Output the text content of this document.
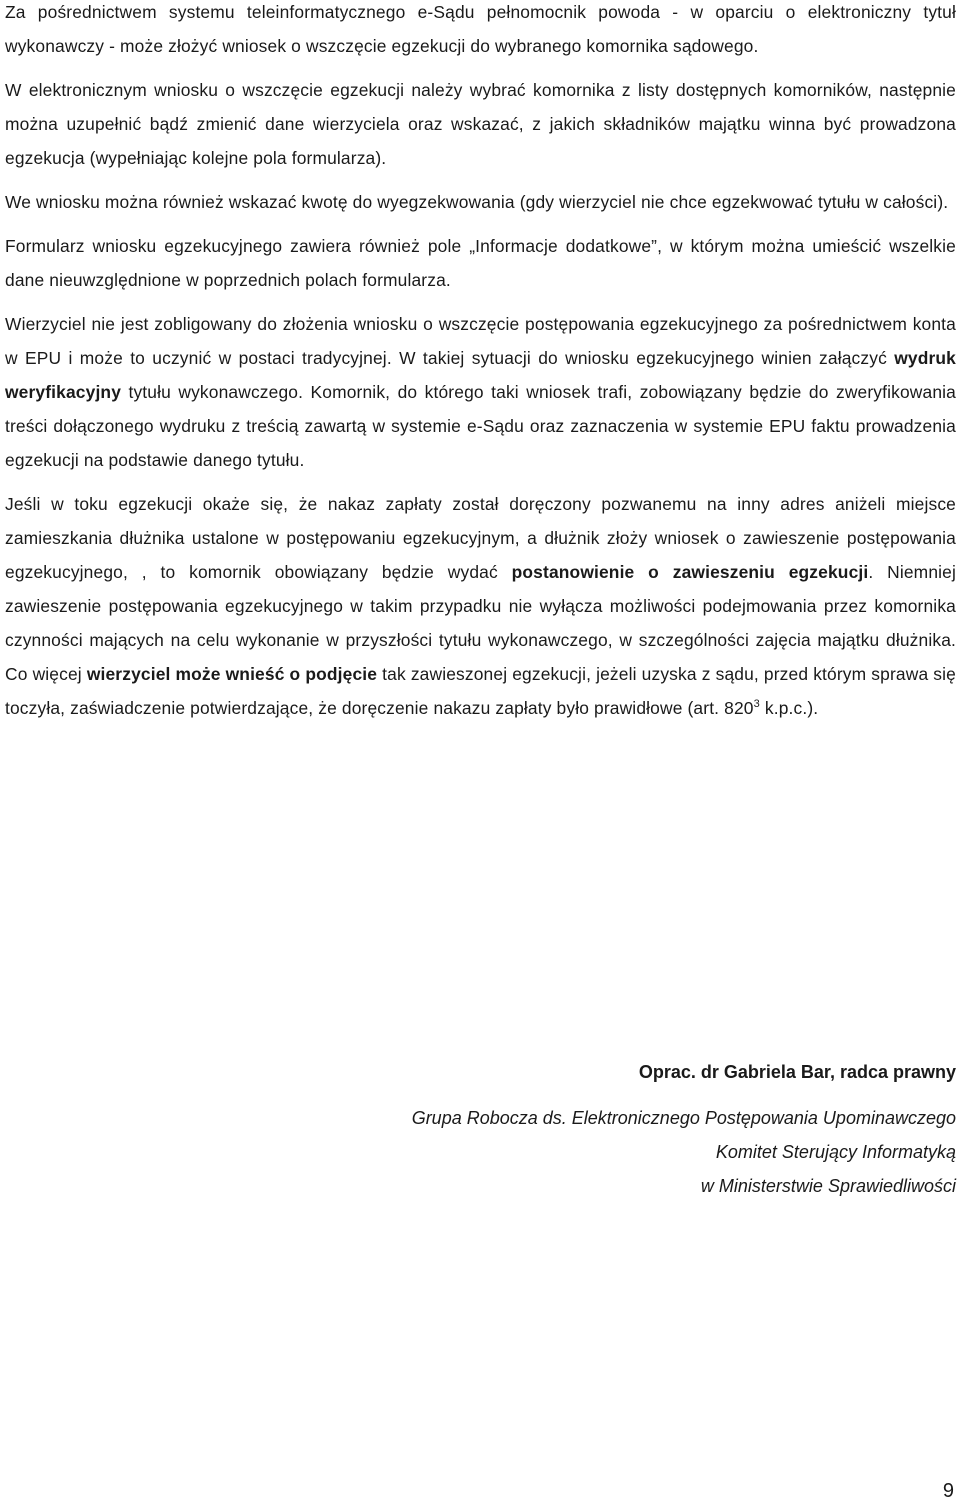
Za pośrednictwem systemu teleinformatycznego e-Sądu pełnomocnik powoda - w oparciu o elektroniczny tytuł wykonawczy - może złożyć wniosek o wszczęcie egzekucji do wybranego komornika sądowego.

W elektronicznym wniosku o wszczęcie egzekucji należy wybrać komornika z listy dostępnych komorników, następnie można uzupełnić bądź zmienić dane wierzyciela oraz wskazać, z jakich składników majątku winna być prowadzona egzekucja (wypełniając kolejne pola formularza).

We wniosku można również wskazać kwotę do wyegzekwowania (gdy wierzyciel nie chce egzekwować tytułu w całości).

Formularz wniosku egzekucyjnego zawiera również pole „Informacje dodatkowe”, w którym można umieścić wszelkie dane nieuwzględnione w poprzednich polach formularza.

Wierzyciel nie jest zobligowany do złożenia wniosku o wszczęcie postępowania egzekucyjnego za pośrednictwem konta w EPU i może to uczynić w postaci tradycyjnej. W takiej sytuacji do wniosku egzekucyjnego winien załączyć wydruk weryfikacyjny tytułu wykonawczego. Komornik, do którego taki wniosek trafi, zobowiązany będzie do zweryfikowania treści dołączonego wydruku z treścią zawartą w systemie e-Sądu oraz zaznaczenia w systemie EPU faktu prowadzenia egzekucji na podstawie danego tytułu.

Jeśli w toku egzekucji okaże się, że nakaz zapłaty został doręczony pozwanemu na inny adres aniżeli miejsce zamieszkania dłużnika ustalone w postępowaniu egzekucyjnym, a dłużnik złoży wniosek o zawieszenie postępowania egzekucyjnego, , to komornik obowiązany będzie wydać postanowienie o zawieszeniu egzekucji. Niemniej zawieszenie postępowania egzekucyjnego w takim przypadku nie wyłącza możliwości podejmowania przez komornika czynności mających na celu wykonanie w przyszłości tytułu wykonawczego, w szczególności zajęcia majątku dłużnika. Co więcej wierzyciel może wnieść o podjęcie tak zawieszonej egzekucji, jeżeli uzyska z sądu, przed którym sprawa się toczyła, zaświadczenie potwierdzające, że doręczenie nakazu zapłaty było prawidłowe (art. $820^3$ k.p.c.).

Oprac. dr Gabriela Bar, radca prawny

Grupa Robocza ds. Elektronicznego Postępowania Upominawczego

Komitet Sterujący Informatyką

w Ministerstwie Sprawiedliwości

9
